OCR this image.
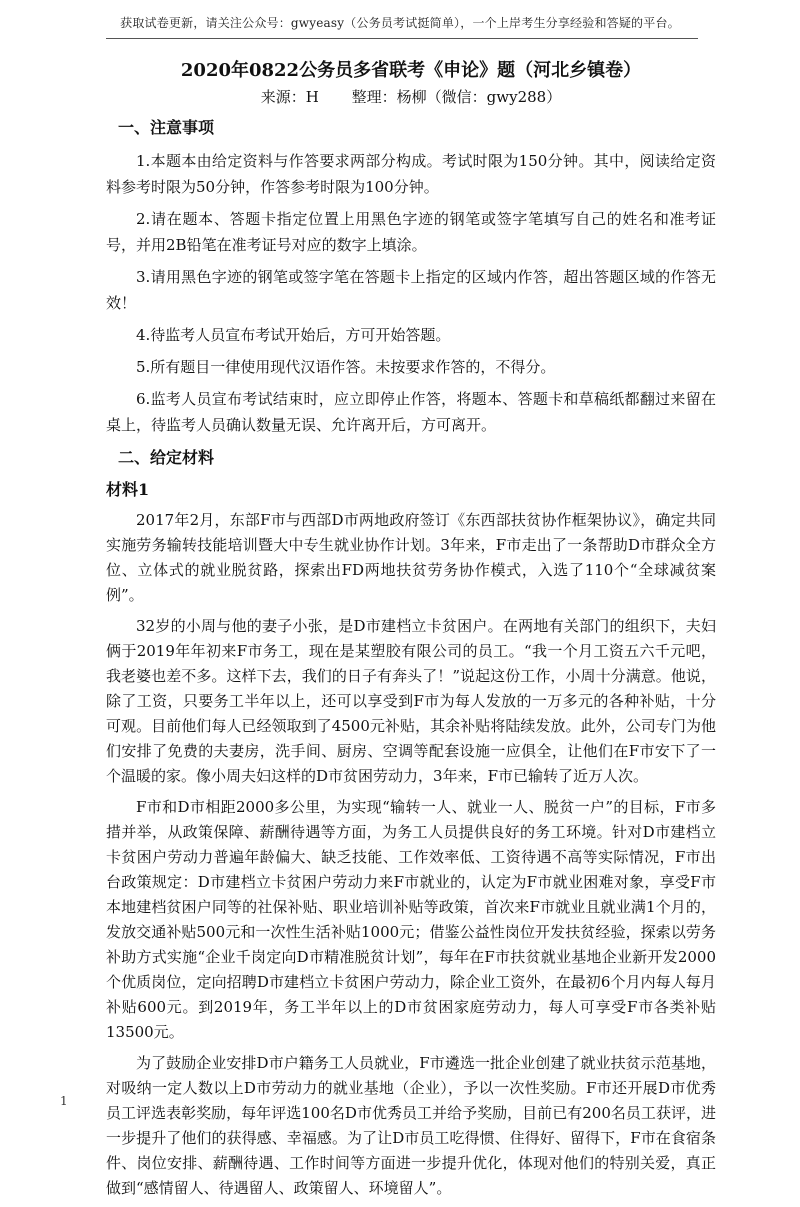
获取试卷更新，请关注公众号：gwyeasy（公务员考试挺简单），一个上岸考生分享经验和答疑的平台。

2020年0822公务员多省联考《申论》题（河北乡镇卷）

来源：H 整理：杨柳（微信：gwy288）

一、注意事项

1.本题本由给定资料与作答要求两部分构成。考试时限为150分钟。其中，阅读给定资料参考时限为50分钟，作答参考时限为100分钟。

2.请在题本、答题卡指定位置上用黑色字迹的钢笔或签字笔填写自己的姓名和准考证号，并用2B铅笔在准考证号对应的数字上填涂。

3.请用黑色字迹的钢笔或签字笔在答题卡上指定的区域内作答，超出答题区域的作答无效！

4.待监考人员宣布考试开始后，方可开始答题。

5.所有题目一律使用现代汉语作答。未按要求作答的，不得分。

6.监考人员宣布考试结束时，应立即停止作答，将题本、答题卡和草稿纸都翻过来留在桌上，待监考人员确认数量无误、允许离开后，方可离开。

二、给定材料

材料1

2017年2月，东部F市与西部D市两地政府签订《东西部扶贫协作框架协议》，确定共同实施劳务输转技能培训暨大中专生就业协作计划。3年来，F市走出了一条帮助D市群众全方位、立体式的就业脱贫路，探索出FD两地扶贫劳务协作模式，入选了110个“全球减贫案例”。

32岁的小周与他的妻子小张，是D市建档立卡贫困户。在两地有关部门的组织下，夫妇俩于2019年年初来F市务工，现在是某塑胶有限公司的员工。“我一个月工资五六千元吧，我老婆也差不多。这样下去，我们的日子有奔头了！”说起这份工作，小周十分满意。他说，除了工资，只要务工半年以上，还可以享受到F市为每人发放的一万多元的各种补贴，十分可观。目前他们每人已经领取到了4500元补贴，其余补贴将陆续发放。此外，公司专门为他们安排了免费的夫妻房，洗手间、厨房、空调等配套设施一应俱全，让他们在F市安下了一个温暖的家。像小周夫妇这样的D市贫困劳动力，3年来，F市已输转了近万人次。

F市和D市相距2000多公里，为实现“输转一人、就业一人、脱贫一户”的目标，F市多措并举，从政策保障、薪酬待遇等方面，为务工人员提供良好的务工环境。针对D市建档立卡贫困户劳动力普遍年龄偏大、缺乏技能、工作效率低、工资待遇不高等实际情况，F市出台政策规定：D市建档立卡贫困户劳动力来F市就业的，认定为F市就业困难对象，享受F市本地建档贫困户同等的社保补贴、职业培训补贴等政策，首次来F市就业且就业满1个月的，发放交通补贴500元和一次性生活补贴1000元；借鉴公益性岗位开发扶贫经验，探索以劳务补助方式实施“企业千岗定向D市精准脱贫计划”，每年在F市扶贫就业基地企业新开发2000个优质岗位，定向招聘D市建档立卡贫困户劳动力，除企业工资外，在最初6个月内每人每月补贴600元。到2019年，务工半年以上的D市贫困家庭劳动力，每人可享受F市各类补贴13500元。

为了鼓励企业安排D市户籍务工人员就业，F市遴选一批企业创建了就业扶贫示范基地，对吸纳一定人数以上D市劳动力的就业基地（企业），予以一次性奖励。F市还开展D市优秀员工评选表彰奖励，每年评选100名D市优秀员工并给予奖励，目前已有200名员工获评，进一步提升了他们的获得感、幸福感。为了让D市员工吃得惯、住得好、留得下，F市在食宿条件、岗位安排、薪酬待遇、工作时间等方面进一步提升优化，体现对他们的特别关爱，真正做到“感情留人、待遇留人、政策留人、环境留人”。

1
